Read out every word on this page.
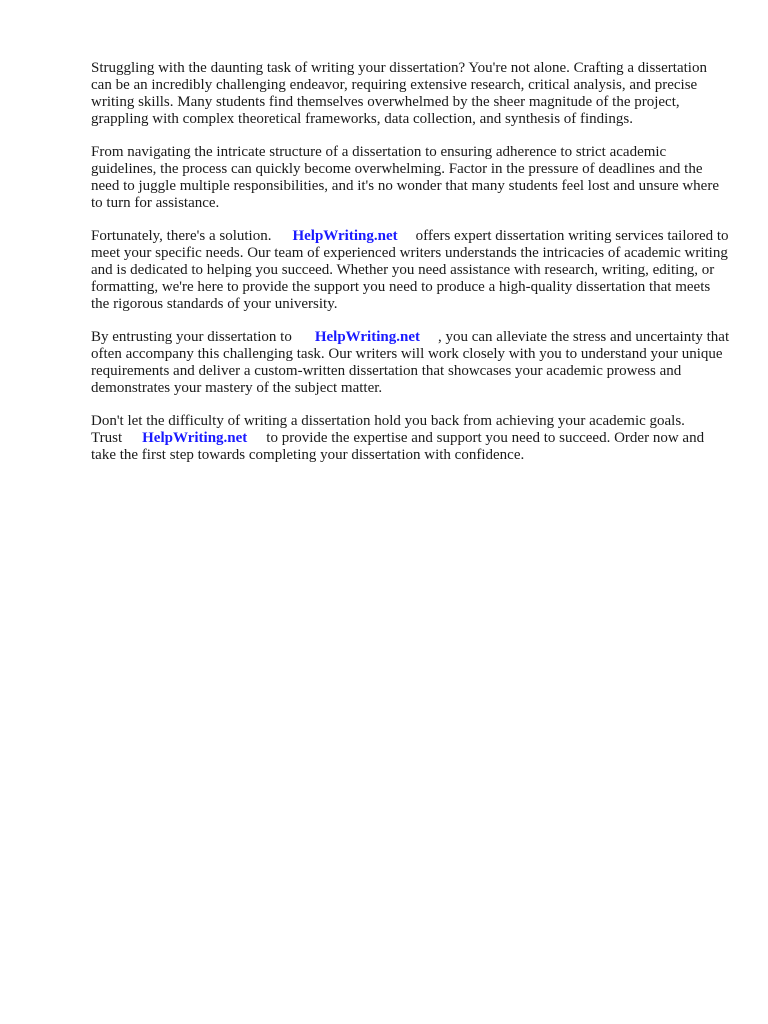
Struggling with the daunting task of writing your dissertation? You're not alone. Crafting a dissertation can be an incredibly challenging endeavor, requiring extensive research, critical analysis, and precise writing skills. Many students find themselves overwhelmed by the sheer magnitude of the project, grappling with complex theoretical frameworks, data collection, and synthesis of findings.

From navigating the intricate structure of a dissertation to ensuring adherence to strict academic guidelines, the process can quickly become overwhelming. Factor in the pressure of deadlines and the need to juggle multiple responsibilities, and it's no wonder that many students feel lost and unsure where to turn for assistance.

Fortunately, there's a solution. HelpWriting.net offers expert dissertation writing services tailored to meet your specific needs. Our team of experienced writers understands the intricacies of academic writing and is dedicated to helping you succeed. Whether you need assistance with research, writing, editing, or formatting, we're here to provide the support you need to produce a high-quality dissertation that meets the rigorous standards of your university.

By entrusting your dissertation to HelpWriting.net , you can alleviate the stress and uncertainty that often accompany this challenging task. Our writers will work closely with you to understand your unique requirements and deliver a custom-written dissertation that showcases your academic prowess and demonstrates your mastery of the subject matter.

Don't let the difficulty of writing a dissertation hold you back from achieving your academic goals. Trust HelpWriting.net to provide the expertise and support you need to succeed. Order now and take the first step towards completing your dissertation with confidence.
